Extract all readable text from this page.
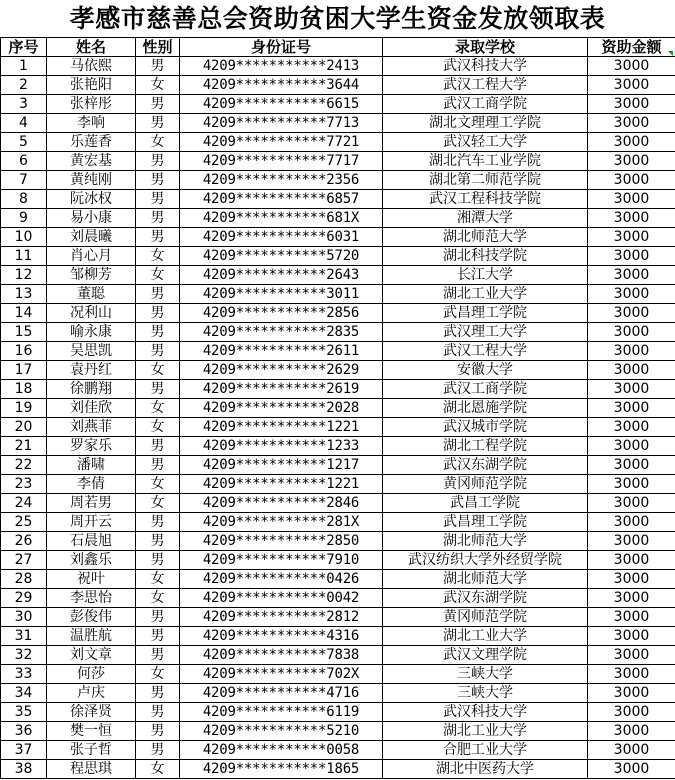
孝感市慈善总会资助贫困大学生资金发放领取表
序号	姓名	性别	身份证号	录取学校	资助金额
1	马依熙	男	4209***********2413	武汉科技大学	3000
2	张艳阳	女	4209***********3644	武汉工程大学	3000
3	张梓彤	男	4209***********6615	武汉工商学院	3000
4	李响	男	4209***********7713	湖北文理理工学院	3000
5	乐莲香	女	4209***********7721	武汉轻工大学	3000
6	黄宏基	男	4209***********7717	湖北汽车工业学院	3000
7	黄纯刚	男	4209***********2356	湖北第二师范学院	3000
8	阮冰权	男	4209***********6857	武汉工程科技学院	3000
9	易小康	男	4209***********681X	湘潭大学	3000
10	刘晨曦	男	4209***********6031	湖北师范大学	3000
11	肖心月	女	4209***********5720	湖北科技学院	3000
12	邹柳芳	女	4209***********2643	长江大学	3000
13	董聪	男	4209***********3011	湖北工业大学	3000
14	况利山	男	4209***********2856	武昌理工学院	3000
15	喻永康	男	4209***********2835	武汉理工大学	3000
16	吴思凯	男	4209***********2611	武汉工程大学	3000
17	袁丹红	女	4209***********2629	安徽大学	3000
18	徐鹏翔	男	4209***********2619	武汉工商学院	3000
19	刘佳欣	女	4209***********2028	湖北恩施学院	3000
20	刘燕菲	女	4209***********1221	武汉城市学院	3000
21	罗家乐	男	4209***********1233	湖北工程学院	3000
22	潘啸	男	4209***********1217	武汉东湖学院	3000
23	李倩	女	4209***********1221	黄冈师范学院	3000
24	周若男	女	4209***********2846	武昌工学院	3000
25	周开云	男	4209***********281X	武昌理工学院	3000
26	石晨旭	男	4209***********2850	湖北师范大学	3000
27	刘鑫乐	男	4209***********7910	武汉纺织大学外经贸学院	3000
28	祝叶	女	4209***********0426	湖北师范大学	3000
29	李思怡	女	4209***********0042	武汉东湖学院	3000
30	彭俊伟	男	4209***********2812	黄冈师范学院	3000
31	温胜航	男	4209***********4316	湖北工业大学	3000
32	刘文章	男	4209***********7838	武汉文理学院	3000
33	何莎	女	4209***********702X	三峡大学	3000
34	卢庆	男	4209***********4716	三峡大学	3000
35	徐泽贤	男	4209***********6119	武汉科技大学	3000
36	樊一恒	男	4209***********5210	湖北工业大学	3000
37	张子哲	男	4209***********0058	合肥工业大学	3000
38	程思琪	女	4209***********1865	湖北中医药大学	3000
